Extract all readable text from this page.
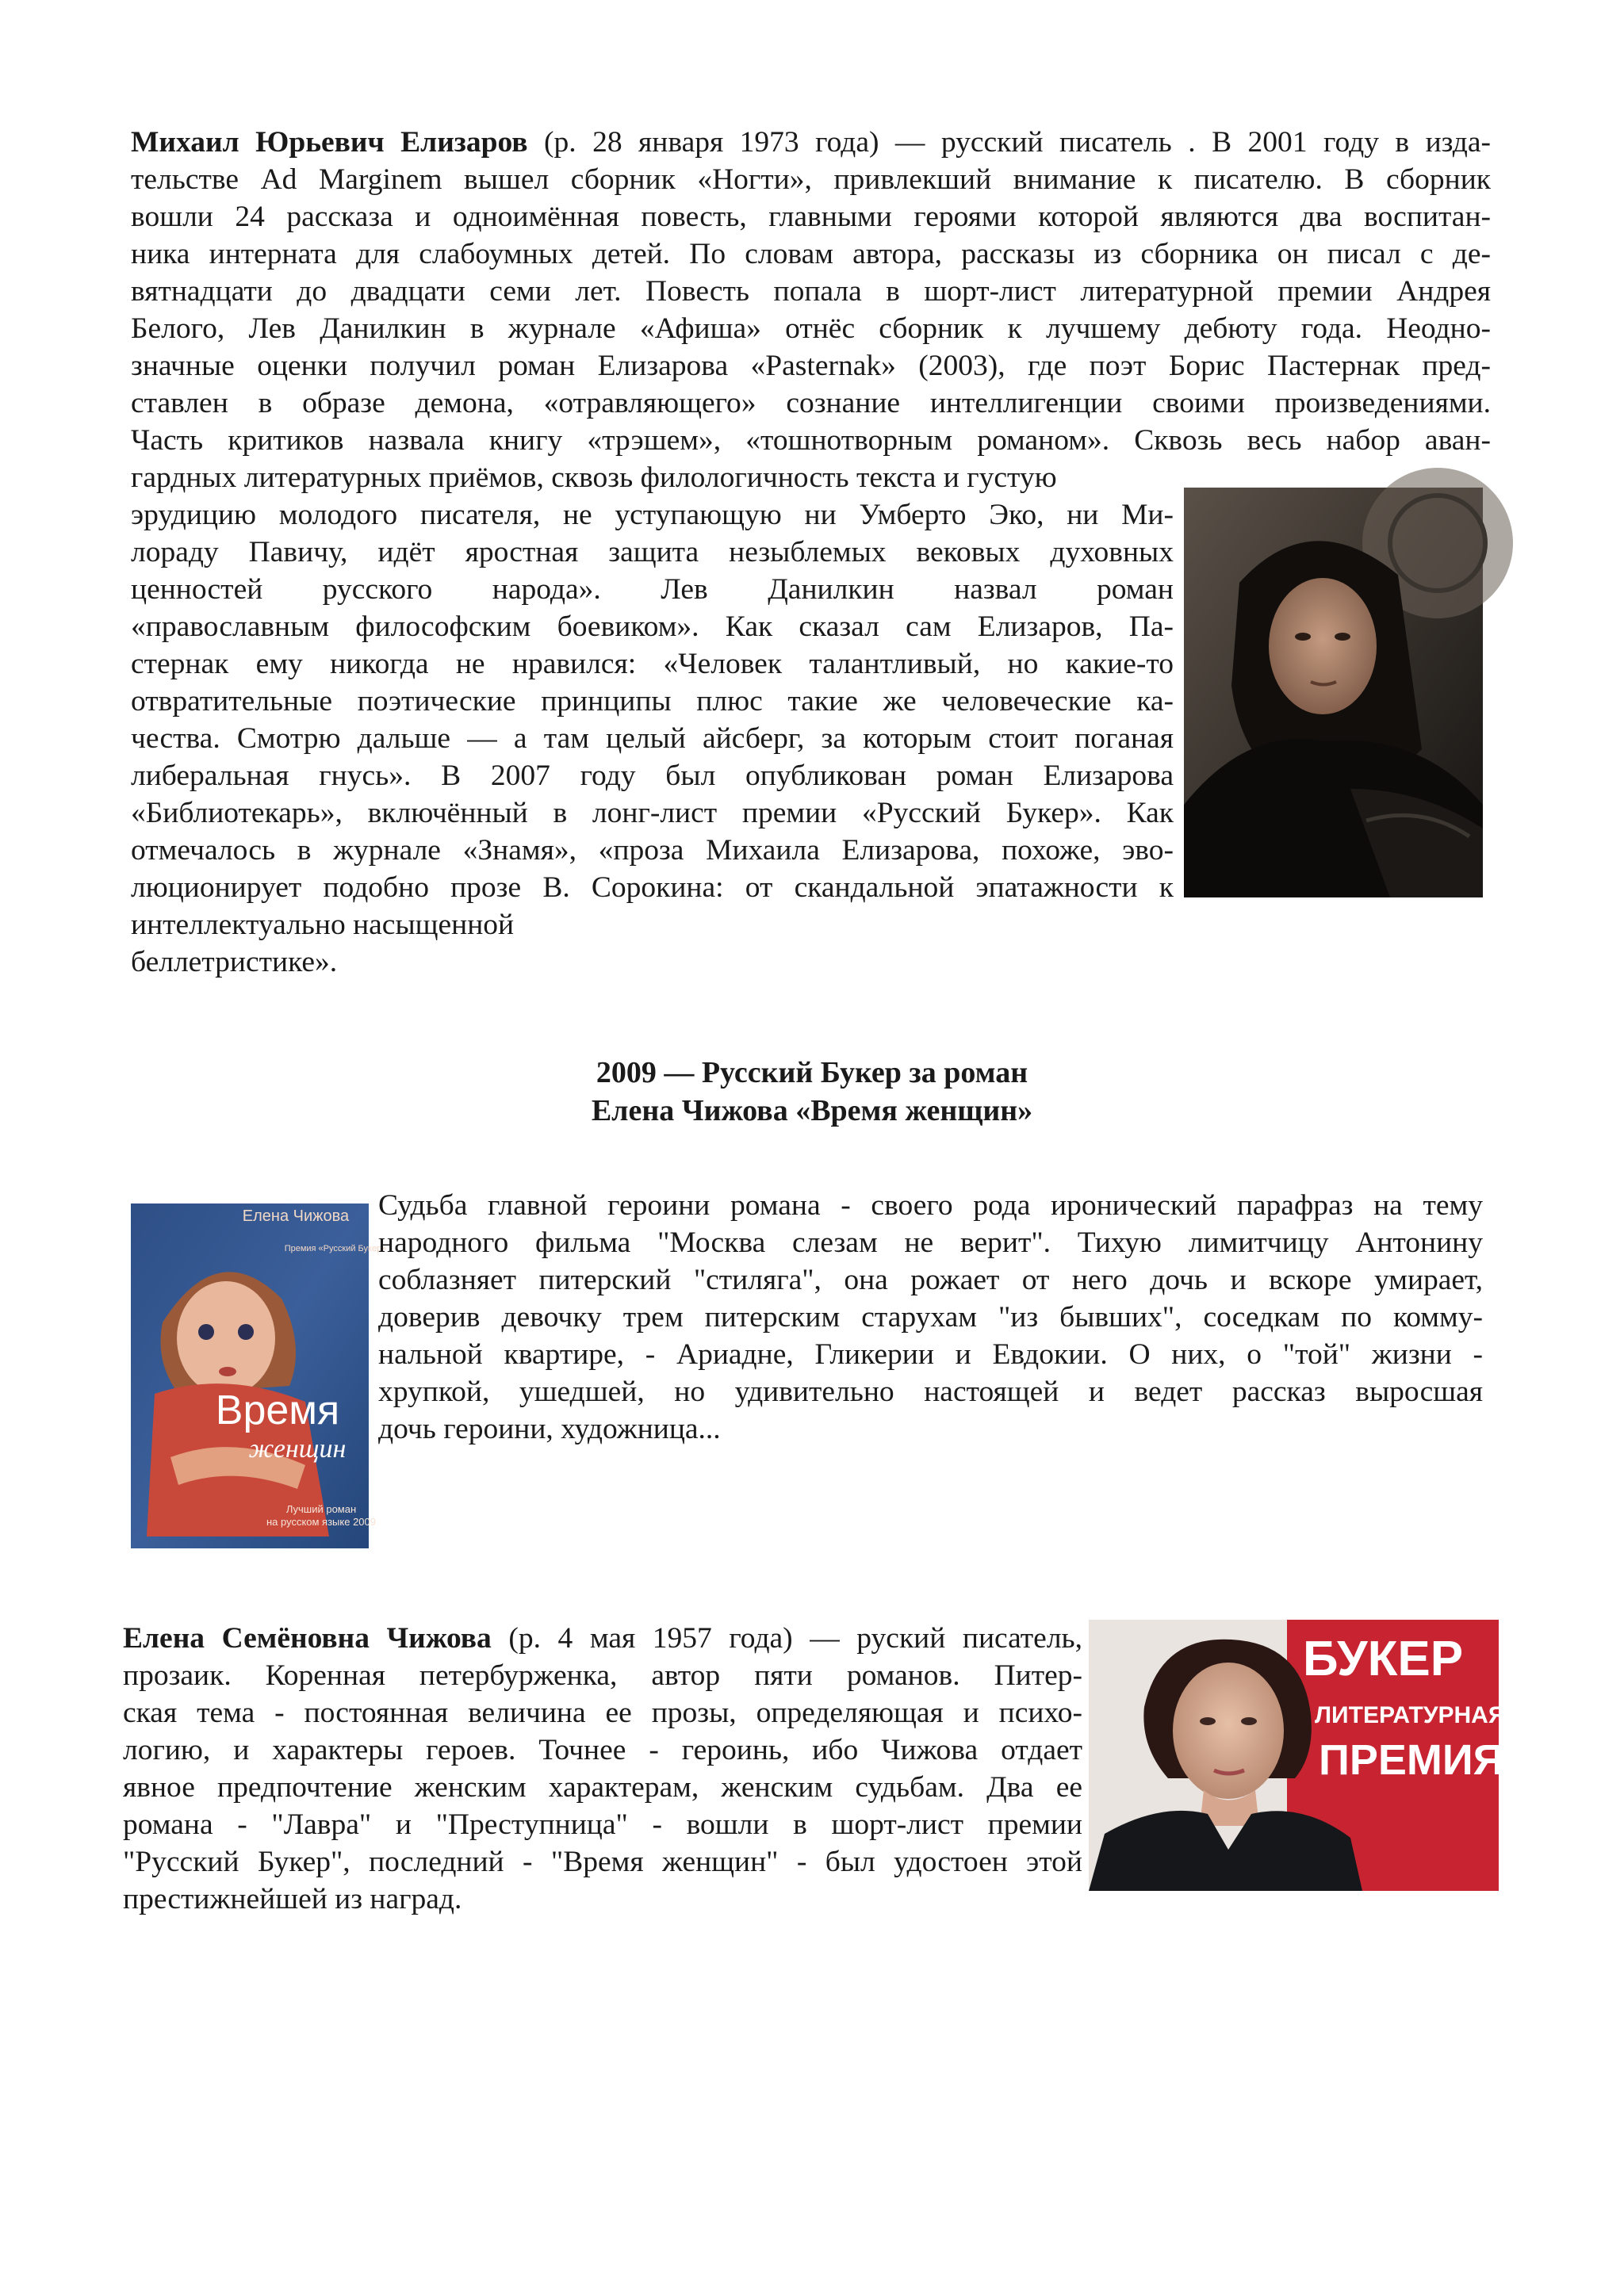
Михаил Юрьевич Елизаров (р. 28 января 1973 года) — русский писатель . В 2001 году в изда-
тельстве Ad Marginem вышел сборник «Ногти», привлекший внимание к писателю. В сборник
вошли 24 рассказа и одноимённая повесть, главными героями которой являются два воспитан-
ника интерната для слабоумных детей. По словам автора, рассказы из сборника он писал с де-
вятнадцати до двадцати семи лет. Повесть попала в шорт-лист литературной премии Андрея
Белого, Лев Данилкин в журнале «Афиша» отнёс сборник к лучшему дебюту года. Неодно-
значные оценки получил роман Елизарова «Pasternak» (2003), где поэт Борис Пастернак пред-
ставлен в образе демона, «отравляющего» сознание интеллигенции своими произведениями.
Часть критиков назвала книгу «трэшем», «тошнотворным романом». Сквозь весь набор аван-
гардных литературных приёмов, сквозь филологичность текста и густую
эрудицию молодого писателя, не уступающую ни Умберто Эко, ни Ми-
лораду Павичу, идёт яростная защита незыблемых вековых духовных
ценностей русского народа». Лев Данилкин назвал роман
«православным философским боевиком». Как сказал сам Елизаров, Па-
стернак ему никогда не нравился: «Человек талантливый, но какие-то
отвратительные поэтические принципы плюс такие же человеческие ка-
чества. Смотрю дальше — а там целый айсберг, за которым стоит поганая
либеральная гнусь». В 2007 году был опубликован роман Елизарова
«Библиотекарь», включённый в лонг-лист премии «Русский Букер». Как
отмечалось в журнале «Знамя», «проза Михаила Елизарова, похоже, эво-
люционирует подобно прозе В. Сорокина: от скандальной эпатажности к
интеллектуально насыщенной
беллетристике».
2009 — Русский Букер за роман
Елена Чижова «Время женщин»
Елена Чижова
Премия «Русский Букер»
Время
женщин
Лучший роман
на русском языке 2009
Судьба главной героини романа - своего рода иронический парафраз на тему
народного фильма "Москва слезам не верит". Тихую лимитчицу Антонину
соблазняет питерский "стиляга", она рожает от него дочь и вскоре умирает,
доверив девочку трем питерским старухам "из бывших", соседкам по комму-
нальной квартире, - Ариадне, Гликерии и Евдокии. О них, о "той" жизни -
хрупкой, ушедшей, но удивительно настоящей и ведет рассказ выросшая
дочь героини, художница...
Елена Семёновна Чижова (р. 4 мая 1957 года) — руский писатель,
прозаик. Коренная петербурженка, автор пяти романов. Питер-
ская тема - постоянная величина ее прозы, определяющая и психо-
логию, и характеры героев. Точнее - героинь, ибо Чижова отдает
явное предпочтение женским характерам, женским судьбам. Два ее
романа - "Лавра" и "Преступница" - вошли в шорт-лист премии
"Русский Букер", последний - "Время женщин" - был удостоен этой
престижнейшей из наград.
БУКЕР
ЛИТЕРАТУРНАЯ
ПРЕМИЯ
